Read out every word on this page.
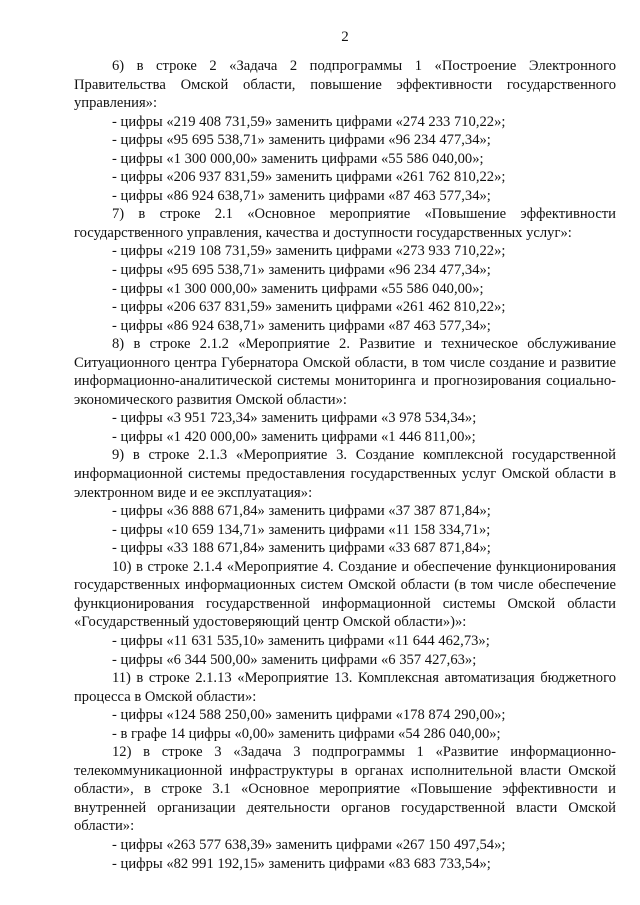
2

6) в строке 2 «Задача 2 подпрограммы 1 «Построение Электронного Правительства Омской области, повышение эффективности государственного управления»:

- цифры «219 408 731,59» заменить цифрами «274 233 710,22»;

- цифры «95 695 538,71» заменить цифрами «96 234 477,34»;

- цифры «1 300 000,00» заменить цифрами «55 586 040,00»;

- цифры «206 937 831,59» заменить цифрами «261 762 810,22»;

- цифры «86 924 638,71» заменить цифрами «87 463 577,34»;

7) в строке 2.1 «Основное мероприятие «Повышение эффективности государственного управления, качества и доступности государственных услуг»:

- цифры «219 108 731,59» заменить цифрами «273 933 710,22»;

- цифры «95 695 538,71» заменить цифрами «96 234 477,34»;

- цифры «1 300 000,00» заменить цифрами «55 586 040,00»;

- цифры «206 637 831,59» заменить цифрами «261 462 810,22»;

- цифры «86 924 638,71» заменить цифрами «87 463 577,34»;

8) в строке 2.1.2 «Мероприятие 2. Развитие и техническое обслуживание Ситуационного центра Губернатора Омской области, в том числе создание и развитие информационно-аналитической системы мониторинга и прогнозирования социально-экономического развития Омской области»:

- цифры «3 951 723,34» заменить цифрами «3 978 534,34»;

- цифры «1 420 000,00» заменить цифрами «1 446 811,00»;

9) в строке 2.1.3 «Мероприятие 3. Создание комплексной государственной информационной системы предоставления государственных услуг Омской области в электронном виде и ее эксплуатация»:

- цифры «36 888 671,84» заменить цифрами «37 387 871,84»;

- цифры «10 659 134,71» заменить цифрами «11 158 334,71»;

- цифры «33 188 671,84» заменить цифрами «33 687 871,84»;

10) в строке 2.1.4 «Мероприятие 4. Создание и обеспечение функционирования государственных информационных систем Омской области (в том числе обеспечение функционирования государственной информационной системы Омской области «Государственный удостоверяющий центр Омской области»)»:

- цифры «11 631 535,10» заменить цифрами «11 644 462,73»;

- цифры «6 344 500,00» заменить цифрами «6 357 427,63»;

11) в строке 2.1.13 «Мероприятие 13. Комплексная автоматизация бюджетного процесса в Омской области»:

- цифры «124 588 250,00» заменить цифрами «178 874 290,00»;

- в графе 14 цифры «0,00» заменить цифрами «54 286 040,00»;

12) в строке 3 «Задача 3 подпрограммы 1 «Развитие информационно-телекоммуникационной инфраструктуры в органах исполнительной власти Омской области», в строке 3.1 «Основное мероприятие «Повышение эффективности и внутренней организации деятельности органов государственной власти Омской области»:

- цифры «263 577 638,39» заменить цифрами «267 150 497,54»;

- цифры «82 991 192,15» заменить цифрами «83 683 733,54»;
